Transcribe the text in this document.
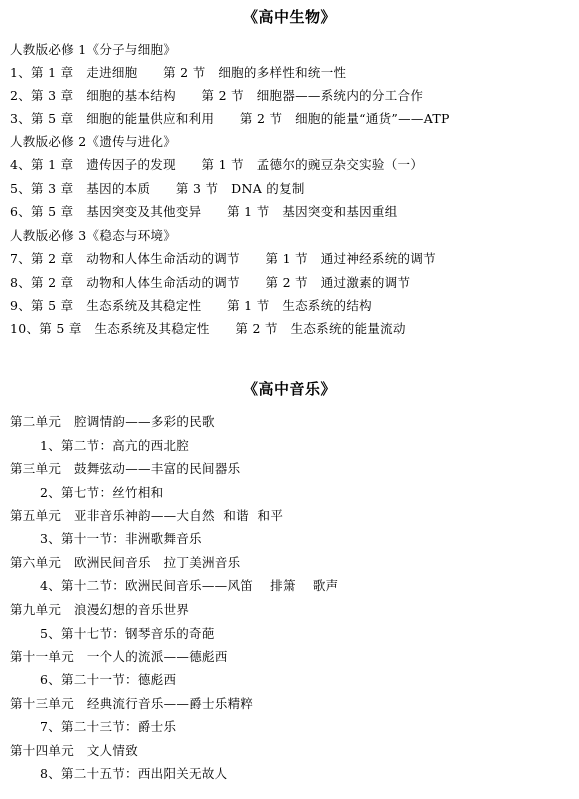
《高中生物》
人教版必修 1《分子与细胞》
1、第 1 章   走进细胞      第 2 节   细胞的多样性和统一性
2、第 3 章   细胞的基本结构      第 2 节   细胞器——系统内的分工合作
3、第 5 章   细胞的能量供应和利用      第 2 节   细胞的能量“通货”——ATP
人教版必修 2《遗传与进化》
4、第 1 章   遗传因子的发现      第 1 节   孟德尔的豌豆杂交实验（一）
5、第 3 章   基因的本质      第 3 节   DNA 的复制
6、第 5 章   基因突变及其他变异      第 1 节   基因突变和基因重组
人教版必修 3《稳态与环境》
7、第 2 章   动物和人体生命活动的调节      第 1 节   通过神经系统的调节
8、第 2 章   动物和人体生命活动的调节      第 2 节   通过激素的调节
9、第 5 章   生态系统及其稳定性      第 1 节   生态系统的结构
10、第 5 章   生态系统及其稳定性      第 2 节   生态系统的能量流动
《高中音乐》
第二单元   腔调情韵——多彩的民歌
1、第二节：高亢的西北腔
第三单元   鼓舞弦动——丰富的民间器乐
2、第七节：丝竹相和
第五单元   亚非音乐神韵——大自然  和谐  和平
3、第十一节：非洲歌舞音乐
第六单元   欧洲民间音乐   拉丁美洲音乐
4、第十二节：欧洲民间音乐——风笛    排箫    歌声
第九单元   浪漫幻想的音乐世界
5、第十七节：钢琴音乐的奇葩
第十一单元   一个人的流派——德彪西
6、第二十一节：德彪西
第十三单元   经典流行音乐——爵士乐精粹
7、第二十三节：爵士乐
第十四单元   文人情致
8、第二十五节：西出阳关无故人
